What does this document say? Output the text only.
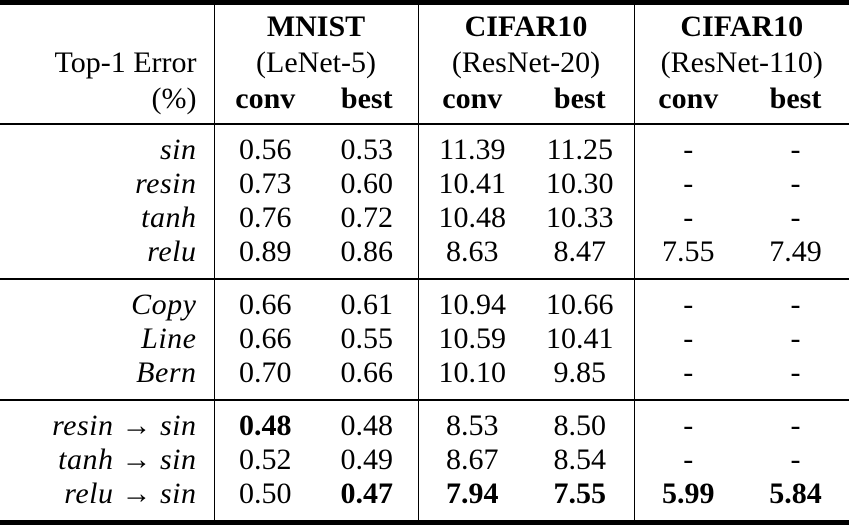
	MNIST		CIFAR10		CIFAR10	
Top-1 Error	(LeNet-5)		(ResNet-20)		(ResNet-110)	
(%)	conv	best	conv	best	conv	best
sin	0.56	0.53	11.39	11.25	-	-
resin	0.73	0.60	10.41	10.30	-	-
tanh	0.76	0.72	10.48	10.33	-	-
relu	0.89	0.86	8.63	8.47	7.55	7.49
Copy	0.66	0.61	10.94	10.66	-	-
Line	0.66	0.55	10.59	10.41	-	-
Bern	0.70	0.66	10.10	9.85	-	-
resin → sin	0.48	0.48	8.53	8.50	-	-
tanh → sin	0.52	0.49	8.67	8.54	-	-
relu → sin	0.50	0.47	7.94	7.55	5.99	5.84
